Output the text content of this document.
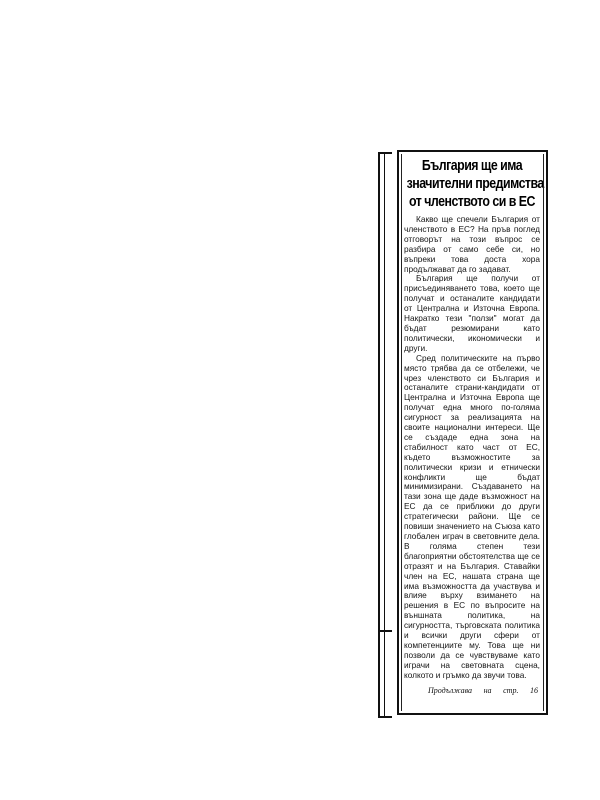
България ще има
значителни предимства
от членството си в ЕС

Какво ще спечели България от членството в ЕС? На пръв поглед отговорът на този въпрос се разбира от само себе си, но въпреки това доста хора продължават да го задават.

България ще получи от присъединяването това, което ще получат и останалите кандидати от Централна и Източна Европа. Накратко тези "ползи" могат да бъдат резюмирани като политически, икономически и други.

Сред политическите на първо място трябва да се отбележи, че чрез членството си България и останалите страни-кандидати от Централна и Източна Европа ще получат една много по-голяма сигурност за реализацията на своите национални интереси. Ще се създаде една зона на стабилност като част от ЕС, където възможностите за политически кризи и етнически конфликти ще бъдат минимизирани. Създаването на тази зона ще даде възможност на ЕС да се приближи до други стратегически райони. Ще се повиши значението на Съюза като глобален играч в световните дела. В голяма степен тези благоприятни обстоятелства ще се отразят и на България. Ставайки член на ЕС, нашата страна ще има възможността да участвува и влияе върху взимането на решения в ЕС по въпросите на външната политика, на сигурността, търговската политика и всички други сфери от компетенциите му. Това ще ни позволи да се чувствуваме като играчи на световната сцена, колкото и гръмко да звучи това.

Продължава на стр. 16
